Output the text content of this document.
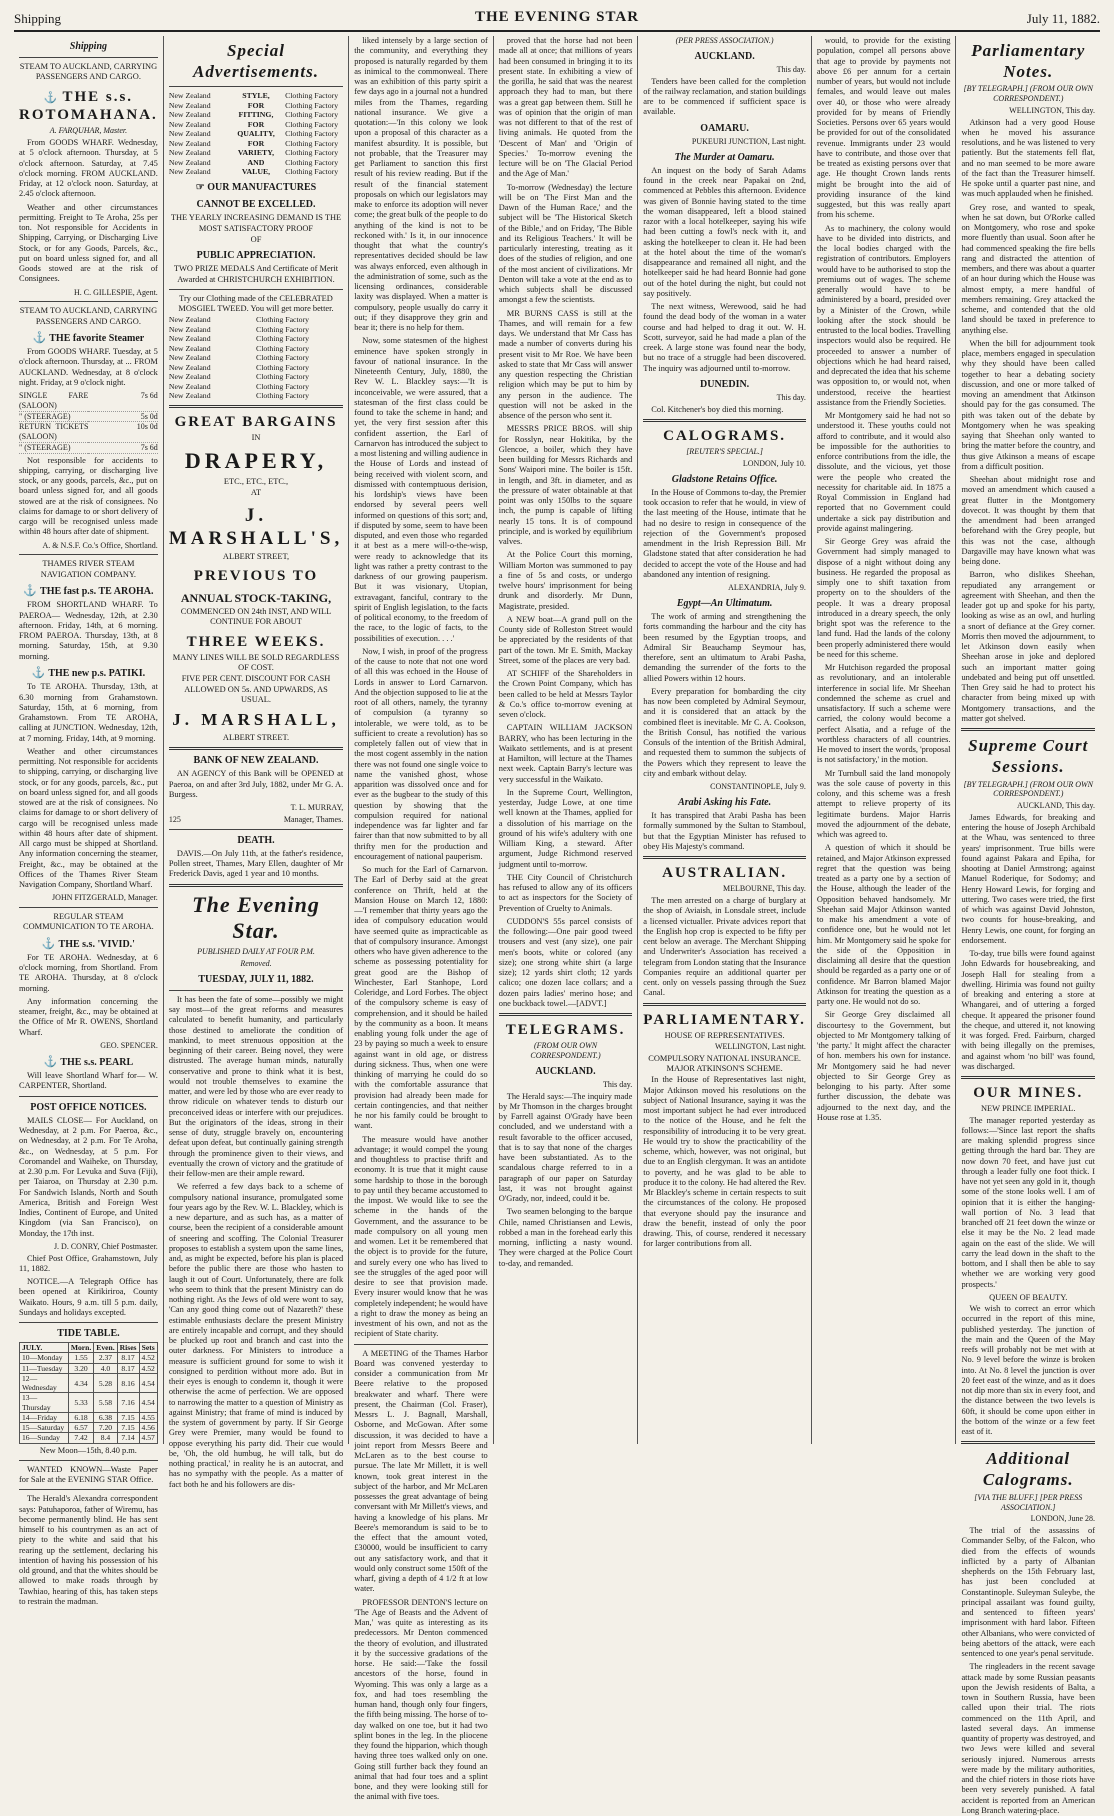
Shipping	THE EVENING STAR	July 11, 1882.
Shipping
STEAM TO AUCKLAND, CARRYING PASSENGERS AND CARGO.
⚓ THE s.s. ROTOMAHANA.
A. FARQUHAR, Master.

From GOODS WHARF. Wednesday, at 5 o'clock afternoon. Thursday, at 5 o'clock afternoon. Saturday, at 7.45 o'clock morning. FROM AUCKLAND. Friday, at 12 o'clock noon. Saturday, at 2.45 o'clock afternoon.

Weather and other circumstances permitting. Freight to Te Aroha, 25s per ton. Not responsible for Accidents in Shipping, Carrying, or Discharging Live Stock, or for any Goods, Parcels, &c., put on board unless signed for, and all Goods stowed are at the risk of Consignees.

H. C. GILLESPIE, Agent.
STEAM TO AUCKLAND, CARRYING PASSENGERS AND CARGO.
⚓ THE favorite Steamer

From GOODS WHARF. Tuesday, at 5 o'clock afternoon. Thursday, at ... FROM AUCKLAND. Wednesday, at 8 o'clock night. Friday, at 9 o'clock night.

SINGLE FARE (SALOON)
7s 6d
" (STEERAGE)	5s 0d
RETURN TICKETS (SALOON)
10s 0d
" (STEERAGE)	7s 6d

Not responsible for accidents to shipping, carrying, or discharging live stock, or any goods, parcels, &c., put on board unless signed for, and all goods stowed are at the risk of consignees. No claims for damage to or short delivery of cargo will be recognised unless made within 48 hours after date of shipment.

A. & N.S.F. Co.'s Office, Shortland.
THAMES RIVER STEAM NAVIGATION COMPANY.
⚓ THE fast p.s. TE AROHA.

FROM SHORTLAND WHARF. To PAEROA— Wednesday, 12th, at 2.30 afternoon. Friday, 14th, at 6 morning. FROM PAEROA. Thursday, 13th, at 8 morning. Saturday, 15th, at 9.30 morning.

⚓ THE new p.s. PATIKI.

To TE AROHA. Thursday, 13th, at 6.30 morning from Grahamstown. Saturday, 15th, at 6 morning, from Grahamstown. From TE AROHA, calling at JUNCTION. Wednesday, 12th, at 7 morning. Friday, 14th, at 9 morning.

Weather and other circumstances permitting. Not responsible for accidents to shipping, carrying, or discharging live stock, or for any goods, parcels, &c., put on board unless signed for, and all goods stowed are at the risk of consignees. No claims for damage to or short delivery of cargo will be recognised unless made within 48 hours after date of shipment. All cargo must be shipped at Shortland. Any information concerning the steamer, Freight, &c., may be obtained at the Offices of the Thames River Steam Navigation Company, Shortland Wharf.

JOHN FITZGERALD, Manager.
REGULAR STEAM COMMUNICATION TO TE AROHA.
⚓ THE s.s. 'VIVID.'

For TE AROHA. Wednesday, at 6 o'clock morning, from Shortland. From TE AROHA. Thursday, at 8 o'clock morning.

Any information concerning the steamer, freight, &c., may be obtained at the Office of Mr R. OWENS, Shortland Wharf.

GEO. SPENCER.
⚓ THE s.s. PEARL

Will leave Shortland Wharf for— W. CARPENTER, Shortland.

POST OFFICE NOTICES.

MAILS CLOSE— For Auckland, on Wednesday, at 2 p.m. For Paeroa, &c., on Wednesday, at 2 p.m. For Te Aroha, &c., on Wednesday, at 5 p.m. For Coromandel and Waiheke, on Thursday, at 2.30 p.m. For Levuka and Suva (Fiji), per Taiaroa, on Thursday at 2.30 p.m. For Sandwich Islands, North and South America, British and Foreign West Indies, Continent of Europe, and United Kingdom (via San Francisco), on Monday, the 17th inst.

J. D. CONRY, Chief Postmaster.

Chief Post Office, Grahamstown, July 11, 1882.

NOTICE.—A Telegraph Office has been opened at Kirikiriroa, County Waikato. Hours, 9 a.m. till 5 p.m. daily, Sundays and holidays excepted.

TIDE TABLE.
JULY.	Morn.	Even.	Rises	Sets
10—Monday	1.55	2.37	8.17	4.52
11—Tuesday	3.20	4.0	8.17	4.52
12—Wednesday	4.34	5.28	8.16	4.54
13—Thursday	5.33	5.58	7.16	4.54
14—Friday	6.18	6.38	7.15	4.55
15—Saturday	6.57	7.20	7.15	4.56
16—Sunday	7.42	8.4	7.14	4.57
New Moon—15th, 8.40 p.m.

WANTED KNOWN—Waste Paper for Sale at the EVENING STAR Office.

The Herald's Alexandra correspondent says: Patuhaporoa, father of Wiremu, has become permanently blind. He has sent himself to his countrymen as an act of piety to the white and said that his rearing up the settlement, declaring his intention of having his possession of his old ground, and that the whites should be allowed to make roads through by Tawhiao, hearing of this, has taken steps to restrain the madman.

Special Advertisements.
New Zealand	STYLE,	Clothing Factory
New Zealand	FOR	Clothing Factory
New Zealand	FITTING,	Clothing Factory
New Zealand	FOR	Clothing Factory
New Zealand	QUALITY,	Clothing Factory
New Zealand	FOR	Clothing Factory
New Zealand	VARIETY,	Clothing Factory
New Zealand	AND	Clothing Factory
New Zealand	VALUE,	Clothing Factory
☞ OUR MANUFACTURES
CANNOT BE EXCELLED.
THE YEARLY INCREASING DEMAND IS THE MOST SATISFACTORY PROOF
OF
PUBLIC APPRECIATION.
TWO PRIZE MEDALS And Certificate of Merit Awarded at CHRISTCHURCH EXHIBITION.
Try our Clothing made of the CELEBRATED MOSGIEL TWEED. You will get more better.
New Zealand	Clothing Factory
New Zealand	Clothing Factory
New Zealand	Clothing Factory
New Zealand	Clothing Factory
New Zealand	Clothing Factory
New Zealand	Clothing Factory
New Zealand	Clothing Factory
New Zealand	Clothing Factory
New Zealand	Clothing Factory
GREAT BARGAINS
IN
DRAPERY,
ETC., ETC., ETC.,
AT
J. MARSHALL'S,
ALBERT STREET,
PREVIOUS TO
ANNUAL STOCK-TAKING,
COMMENCED ON 24th INST, AND WILL CONTINUE FOR ABOUT
THREE WEEKS.
MANY LINES WILL BE SOLD REGARDLESS OF COST.
FIVE PER CENT. DISCOUNT FOR CASH ALLOWED ON 5s. AND UPWARDS, AS USUAL.
J. MARSHALL,
ALBERT STREET.
BANK OF NEW ZEALAND.

AN AGENCY of this Bank will be OPENED at Paeroa, on and after 3rd July, 1882, under Mr G. A. Burgess.

T. L. MURRAY,
125	Manager, Thames.
DEATH.

DAVIS.—On July 11th, at the father's residence, Pollen street, Thames, Mary Ellen, daughter of Mr Frederick Davis, aged 1 year and 10 months.

The Evening Star.
PUBLISHED DAILY AT FOUR P.M.
Removed.
TUESDAY, JULY 11, 1882.

It has been the fate of some—possibly we might say most—of the great reforms and measures calculated to benefit humanity, and particularly those destined to ameliorate the condition of mankind, to meet strenuous opposition at the beginning of their career. Being novel, they were distrusted. The average human minds, naturally conservative and prone to think what it is best, would not trouble themselves to examine the matter, and were led by those who are ever ready to throw ridicule on whatever tends to disturb our preconceived ideas or interfere with our prejudices. But the originators of the ideas, strong in their sense of duty, struggle bravely on, encountering defeat upon defeat, but continually gaining strength through the prominence given to their views, and eventually the crown of victory and the gratitude of their fellow-men are their ample reward.

We referred a few days back to a scheme of compulsory national insurance, promulgated some four years ago by the Rev. W. L. Blackley, which is a new departure, and as such has, as a matter of course, been the recipient of a considerable amount of sneering and scoffing. The Colonial Treasurer proposes to establish a system upon the same lines, and, as might be expected, before his plan is placed before the public there are those who hasten to laugh it out of Court. Unfortunately, there are folk who seem to think that the present Ministry can do nothing right. As the Jews of old were wont to say, 'Can any good thing come out of Nazareth?' these estimable enthusiasts declare the present Ministry are entirely incapable and corrupt, and they should be plucked up root and branch and cast into the outer darkness. For Ministers to introduce a measure is sufficient ground for some to wish it consigned to perdition without more ado. But in their eyes is enough to condemn it, though it were otherwise the acme of perfection. We are opposed to narrowing the matter to a question of Ministry as against Ministry; that frame of mind is induced by the system of government by party. If Sir George Grey were Premier, many would be found to oppose everything his party did. Their cue would be, 'Oh, the old humbug, he will talk, but do nothing practical,' in reality he is an autocrat, and has no sympathy with the people. As a matter of fact both he and his followers are dis-

liked intensely by a large section of the community, and everything they proposed is naturally regarded by them as inimical to the commonweal. There was an exhibition of this party spirit a few days ago in a journal not a hundred miles from the Thames, regarding national insurance. We give a quotation:—'In this colony we look upon a proposal of this character as a manifest absurdity. It is possible, but not probable, that the Treasurer may get Parliament to sanction this first result of his review reading. But if the result of the financial statement proposals on which our legislators may make to enforce its adoption will never come; the great bulk of the people to do anything of the kind is not to be reckoned with.' Is it, in our innocence thought that what the country's representatives decided should be law was always enforced, even although in the administration of some, such as the licensing ordinances, considerable laxity was displayed. When a matter is compulsory, people usually do carry it out; if they disapprove they grin and bear it; there is no help for them.

Now, some statesmen of the highest eminence have spoken strongly in favour of national insurance. In the Nineteenth Century, July, 1880, the Rev W. L. Blackley says:—'It is inconceivable, we were assured, that a statesman of the first class could be found to take the scheme in hand; and yet, the very first session after this confident assertion, the Earl of Carnarvon has introduced the subject to a most listening and willing audience in the House of Lords and instead of being received with violent scorn, and dismissed with contemptuous derision, his lordship's views have been endorsed by several peers well informed on questions of this sort; and, if disputed by some, seem to have been disputed, and even those who regarded it at best as a mere will-o-the-wisp, were ready to acknowledge that its light was rather a pretty contrast to the darkness of our growing pauperism. But it was visionary, Utopian, extravagant, fanciful, contrary to the spirit of English legislation, to the facts of political economy, to the freedom of the race, to the logic of facts, to the possibilities of execution. . . .'

Now, I wish, in proof of the progress of the cause to note that not one word of all this was echoed in the House of Lords in answer to Lord Carnarvon. And the objection supposed to lie at the root of all others, namely, the tyranny of compulsion (a tyranny so intolerable, we were told, as to be sufficient to create a revolution) has so completely fallen out of view that in the most cogent assembly in the nation there was not found one single voice to name the vanished ghost, whose apparition was dissolved once and for ever as the bugbear to the study of this question by showing that the compulsion required for national independence was far lighter and far fairer than that now submitted to by all thrifty men for the production and encouragement of national pauperism.

So much for the Earl of Carnarvon. The Earl of Derby said at the great conference on Thrift, held at the Mansion House on March 12, 1880:—'I remember that thirty years ago the idea of compulsory education would have seemed quite as impracticable as that of compulsory insurance. Amongst others who have given adherence to the scheme as possessing potentiality for great good are the Bishop of Winchester, Earl Stanhope, Lord Coleridge, and Lord Forbes. The object of the compulsory scheme is easy of comprehension, and it should be hailed by the community as a boon. It means enabling young folk under the age of 23 by paying so much a week to ensure against want in old age, or distress during sickness. Thus, when one were thinking of marrying he could do so with the comfortable assurance that provision had already been made for certain contingencies, and that neither he nor his family could be brought to want.

The measure would have another advantage; it would compel the young and thoughtless to practise thrift and economy. It is true that it might cause some hardship to those in the borough to pay until they became accustomed to the impost. We would like to see the scheme in the hands of the Government, and the assurance to be made compulsory on all young men and women. Let it be remembered that the object is to provide for the future, and surely every one who has lived to see the struggles of the aged poor will desire to see that provision made. Every insurer would know that he was completely independent; he would have a right to draw the money as being an investment of his own, and not as the recipient of State charity.

A MEETING of the Thames Harbor Board was convened yesterday to consider a communication from Mr Beere relative to the proposed breakwater and wharf. There were present, the Chairman (Col. Fraser), Messrs L. J. Bagnall, Marshall, Osborne, and McGowan. After some discussion, it was decided to have a joint report from Messrs Beere and McLaren as to the best course to pursue. The late Mr Millett, it is well known, took great interest in the subject of the harbor, and Mr McLaren possesses the great advantage of being conversant with Mr Millett's views, and having a knowledge of his plans. Mr Beere's memorandum is said to be to the effect that the amount voted, £30000, would be insufficient to carry out any satisfactory work, and that it would only construct some 150ft of the wharf, giving a depth of 4 1/2 ft at low water.

PROFESSOR DENTON'S lecture on 'The Age of Beasts and the Advent of Man,' was quite as interesting as its predecessors. Mr Denton commenced the theory of evolution, and illustrated it by the successive gradations of the horse. He said:—'Take the fossil ancestors of the horse, found in Wyoming. This was only a large as a fox, and had toes resembling the human hand, though only four fingers, the fifth being missing. The horse of to-day walked on one toe, but it had two splint bones in the leg. In the pliocene they found the hipparion, which though having three toes walked only on one. Going still further back they found an animal that had four toes and a splint bone, and they were looking still for the animal with five toes.

proved that the horse had not been made all at once; that millions of years had been consumed in bringing it to its present state. In exhibiting a view of the gorilla, he said that was the nearest approach they had to man, but there was a great gap between them. Still he was of opinion that the origin of man was not different to that of the rest of living animals. He quoted from the 'Descent of Man' and 'Origin of Species.' To-morrow evening the lecture will be on 'The Glacial Period and the Age of Man.'

To-morrow (Wednesday) the lecture will be on 'The First Man and the Dawn of the Human Race,' and the subject will be 'The Historical Sketch of the Bible,' and on Friday, 'The Bible and its Religious Teachers.' It will be particularly interesting, treating as it does of the studies of religion, and one of the most ancient of civilizations. Mr Denton will take a vote at the end as to which subjects shall be discussed amongst a few the scientists.

MR BURNS CASS is still at the Thames, and will remain for a few days. We understand that Mr Cass has made a number of converts during his present visit to Mr Roe. We have been asked to state that Mr Cass will answer any question respecting the Christian religion which may be put to him by any person in the audience. The question will not be asked in the absence of the person who sent it.

MESSRS PRICE BROS. will ship for Rosslyn, near Hokitika, by the Glencoe, a boiler, which they have been building for Messrs Richards and Sons' Waipori mine. The boiler is 15ft. in length, and 3ft. in diameter, and as the pressure of water obtainable at that point was only 150lbs to the square inch, the pump is capable of lifting nearly 15 tons. It is of compound principle, and is worked by equilibrium valves.

At the Police Court this morning, William Morton was summoned to pay a fine of 5s and costs, or undergo twelve hours' imprisonment for being drunk and disorderly. Mr Dunn, Magistrate, presided.

A NEW boat—A grand pull on the County side of Rolleston Street would be appreciated by the residents of that part of the town. Mr E. Smith, Mackay Street, some of the places are very bad.

AT SCHIFF of the Shareholders in the Crown Point Company, which has been called to be held at Messrs Taylor & Co.'s office to-morrow evening at seven o'clock.

CAPTAIN WILLIAM JACKSON BARRY, who has been lecturing in the Waikato settlements, and is at present at Hamilton, will lecture at the Thames next week. Captain Barry's lecture was very successful in the Waikato.

In the Supreme Court, Wellington, yesterday, Judge Lowe, at one time well known at the Thames, applied for a dissolution of his marriage on the ground of his wife's adultery with one William King, a steward. After argument, Judge Richmond reserved judgment until to-morrow.

THE City Council of Christchurch has refused to allow any of its officers to act as inspectors for the Society of Prevention of Cruelty to Animals.

CUDDON'S 55s parcel consists of the following:—One pair good tweed trousers and vest (any size), one pair men's boots, white or colored (any size); one strong white shirt (a large size); 12 yards shirt cloth; 12 yards calico; one dozen lace collars; and a dozen pairs ladies' merino hose; and one buckback towel.—[ADVT.]

TELEGRAMS.
(FROM OUR OWN CORRESPONDENT.)
AUCKLAND.
This day.

The Herald says:—The inquiry made by Mr Thomson in the charges brought by Farrell against O'Grady have been concluded, and we understand with a result favorable to the officer accused, that is to say that none of the charges have been substantiated. As to the scandalous charge referred to in a paragraph of our paper on Saturday last, it was not brought against O'Grady, nor, indeed, could it be.

Two seamen belonging to the barque Chile, named Christiansen and Lewis, robbed a man in the forehead early this morning, inflicting a nasty wound. They were charged at the Police Court to-day, and remanded.

(PER PRESS ASSOCIATION.)
AUCKLAND.
This day.

Tenders have been called for the completion of the railway reclamation, and station buildings are to be commenced if sufficient space is available.

OAMARU.
PUKEURI JUNCTION, Last night.
The Murder at Oamaru.

An inquest on the body of Sarah Adams found in the creek near Papakai on 2nd, commenced at Pebbles this afternoon. Evidence was given of Bonnie having stated to the time the woman disappeared, left a blood stained razor with a local hotelkeeper, saying his wife had been cutting a fowl's neck with it, and asking the hotelkeeper to clean it. He had been at the hotel about the time of the woman's disappearance and remained all night, and the hotelkeeper said he had heard Bonnie had gone out of the hotel during the night, but could not say positively.

The next witness, Werewood, said he had found the dead body of the woman in a water course and had helped to drag it out. W. H. Scott, surveyor, said he had made a plan of the creek. A large stone was found near the body, but no trace of a struggle had been discovered. The inquiry was adjourned until to-morrow.

DUNEDIN.
This day.

Col. Kitchener's boy died this morning.

CALOGRAMS.
[REUTER'S SPECIAL.]
LONDON, July 10.
Gladstone Retains Office.

In the House of Commons to-day, the Premier took occasion to refer that he would, in view of the last meeting of the House, intimate that he had no desire to resign in consequence of the rejection of the Government's proposed amendment in the Irish Repression Bill. Mr Gladstone stated that after consideration he had decided to accept the vote of the House and had abandoned any intention of resigning.

ALEXANDRIA, July 9.
Egypt—An Ultimatum.

The work of arming and strengthening the forts commanding the harbour and the city has been resumed by the Egyptian troops, and Admiral Sir Beauchamp Seymour has, therefore, sent an ultimatum to Arabi Pasha, demanding the surrender of the forts to the allied Powers within 12 hours.

Every preparation for bombarding the city has now been completed by Admiral Seymour, and it is considered that an attack by the combined fleet is inevitable. Mr C. A. Cookson, the British Consul, has notified the various Consuls of the intention of the British Admiral, and requested them to summon the subjects of the Powers which they represent to leave the city and embark without delay.

CONSTANTINOPLE, July 9.
Arabi Asking his Fate.

It has transpired that Arabi Pasha has been formally summoned by the Sultan to Stamboul, but that the Egyptian Minister has refused to obey His Majesty's command.

AUSTRALIAN.
MELBOURNE, This day.

The men arrested on a charge of burglary at the shop of Aviaish, in Lonsdale street, include a licensed victualler. Private advices report that the English hop crop is expected to be fifty per cent below an average. The Merchant Shipping and Underwriter's Association has received a telegram from London stating that the Insurance Companies require an additional quarter per cent. only on vessels passing through the Suez Canal.

PARLIAMENTARY.
HOUSE OF REPRESENTATIVES.
WELLINGTON, Last night.
COMPULSORY NATIONAL INSURANCE. MAJOR ATKINSON'S SCHEME.

In the House of Representatives last night, Major Atkinson moved his resolutions on the subject of National Insurance, saying it was the most important subject he had ever introduced to the notice of the House, and he felt the responsibility of introducing it to be very great. He would try to show the practicability of the scheme, which, however, was not original, but due to an English clergyman. It was an antidote to poverty, and he was glad to be able to produce it to the colony. He had altered the Rev. Mr Blackley's scheme in certain respects to suit the circumstances of the colony. He proposed that everyone should pay the insurance and draw the benefit, instead of only the poor drawing. This, of course, rendered it necessary for larger contributions from all.

would, to provide for the existing population, compel all persons above that age to provide by payments not above £6 per annum for a certain number of years, but would not include females, and would leave out males over 40, or those who were already provided for by means of Friendly Societies. Persons over 65 years would be provided for out of the consolidated revenue. Immigrants under 23 would have to contribute, and those over that be treated as existing persons over that age. He thought Crown lands rents might be brought into the aid of providing insurance of the kind suggested, but this was really apart from his scheme.

As to machinery, the colony would have to be divided into districts, and the local bodies charged with the registration of contributors. Employers would have to be authorised to stop the premiums out of wages. The scheme generally would have to be administered by a board, presided over by a Minister of the Crown, while looking after the stock should be entrusted to the local bodies. Travelling inspectors would also be required. He proceeded to answer a number of objections which he had heard raised, and deprecated the idea that his scheme was opposition to, or would not, when understood, receive the heartiest assistance from the Friendly Societies.

Mr Montgomery said he had not so understood it. These youths could not afford to contribute, and it would also be impossible for the authorities to enforce contributions from the idle, the dissolute, and the vicious, yet those were the people who created the necessity for charitable aid. In 1875 a Royal Commission in England had reported that no Government could undertake a sick pay distribution and provide against malingering.

Sir George Grey was afraid the Government had simply managed to dispose of a night without doing any business. He regarded the proposal as simply one to shift taxation from property on to the shoulders of the people. It was a dreary proposal introduced in a dreary speech, the only bright spot was the reference to the land fund. Had the lands of the colony been properly administered there would be need for this scheme.

Mr Hutchison regarded the proposal as revolutionary, and an intolerable interference in social life. Mr Sheehan condemned the scheme as cruel and unsatisfactory. If such a scheme were carried, the colony would become a perfect Alsatia, and a refuge of the worthless characters of all countries. He moved to insert the words, 'proposal is not satisfactory,' in the motion.

Mr Turnbull said the land monopoly was the sole cause of poverty in this colony, and this scheme was a fresh attempt to relieve property of its legitimate burdens. Major Harris moved the adjournment of the debate, which was agreed to.

A question of which it should be retained, and Major Atkinson expressed regret that the question was being treated as a party one by a section of the House, although the leader of the Opposition behaved handsomely. Mr Sheehan said Major Atkinson wanted to make his amendment a vote of confidence one, but he would not let him. Mr Montgomery said he spoke for the side of the Opposition in disclaiming all desire that the question should be regarded as a party one or of confidence. Mr Barron blamed Major Atkinson for treating the question as a party one. He would not do so.

Sir George Grey disclaimed all discourtesy to the Government, but objected to Mr Montgomery talking of 'the party.' It might affect the character of hon. members his own for instance. Mr Montgomery said he had never objected to Sir George Grey as belonging to his party. After some further discussion, the debate was adjourned to the next day, and the House rose at 1.35.

Parliamentary Notes.
[BY TELEGRAPH.] (FROM OUR OWN CORRESPONDENT.)
WELLINGTON, This day.

Atkinson had a very good House when he moved his assurance resolutions, and he was listened to very patiently. But the statements fell flat, and no man seemed to be more aware of the fact than the Treasurer himself. He spoke until a quarter past nine, and was much applauded when he finished.

Grey rose, and wanted to speak, when he sat down, but O'Rorke called on Montgomery, who rose and spoke more fluently than usual. Soon after he had commenced speaking the fire bells rang and distracted the attention of members, and there was about a quarter of an hour during which the House was almost empty, a mere handful of members remaining. Grey attacked the scheme, and contended that the old land should be taxed in preference to anything else.

When the bill for adjournment took place, members engaged in speculation why they should have been called together to hear a debating society discussion, and one or more talked of moving an amendment that Atkinson should pay for the gas consumed. The pith was taken out of the debate by Montgomery when he was speaking saying that Sheehan only wanted to bring the matter before the country, and thus give Atkinson a means of escape from a difficult position.

Sheehan about midnight rose and moved an amendment which caused a great flutter in the Montgomery dovecot. It was thought by them that the amendment had been arranged beforehand with the Grey people, but this was not the case, although Dargaville may have known what was being done.

Barron, who dislikes Sheehan, repudiated any arrangement or agreement with Sheehan, and then the leader got up and spoke for his party, looking as wise as an owl, and hurling a snort of defiance at the Grey corner. Morris then moved the adjournment, to let Atkinson down easily when Sheehan arose in joke and deplored such an important matter going undebated and being put off unsettled. Then Grey said he had to protect his character from being mixed up with Montgomery transactions, and the matter got shelved.

Supreme Court Sessions.
[BY TELEGRAPH.] (FROM OUR OWN CORRESPONDENT.)
AUCKLAND, This day.

James Edwards, for breaking and entering the house of Joseph Archibald at the Whau, was sentenced to three years' imprisonment. True bills were found against Pakara and Epiha, for shooting at Daniel Armstrong; against Manuel Roderique, for Sodomy; and Henry Howard Lewis, for forging and uttering. Two cases were tried, the first of which was against David Johnston, two counts for house-breaking, and Henry Lewis, one count, for forging an endorsement.

To-day, true bills were found against John Edwards for housebreaking, and Joseph Hall for stealing from a dwelling. Hirimia was found not guilty of breaking and entering a store at Whangarei, and of uttering a forged cheque. It appeared the prisoner found the cheque, and uttered it, not knowing it was forged. Fred. Fairburn, charged with being illegally on the premises, and against whom 'no bill' was found, was discharged.

OUR MINES.
NEW PRINCE IMPERIAL.

The manager reported yesterday as follows:—'Since last report the shafts are making splendid progress since getting through the hard bar. They are now down 70 feet, and have just cut through a leader fully one foot thick. I have not yet seen any gold in it, though some of the stone looks well. I am of opinion that it is either the hanging-wall portion of No. 3 lead that branched off 21 feet down the winze or else it may be the No. 2 lead made again on the east of the slide. We will carry the lead down in the shaft to the bottom, and I shall then be able to say whether we are working very good prospects.'

QUEEN OF BEAUTY.

We wish to correct an error which occurred in the report of this mine, published yesterday. The junction of the main and the Queen of the May reefs will probably not be met with at No. 9 level before the winze is broken into. At No. 8 level the junction is over 20 feet east of the winze, and as it does not dip more than six in every foot, and the distance between the two levels is 60ft, it should be come upon either in the bottom of the winze or a few feet east of it.

Additional Calograms.
[VIA THE BLUFF.] [PER PRESS ASSOCIATION.]
LONDON, June 28.

The trial of the assassins of Commander Selby, of the Falcon, who died from the effects of wounds inflicted by a party of Albanian shepherds on the 15th February last, has just been concluded at Constantinople. Suleyman Suleybe, the principal assailant was found guilty, and sentenced to fifteen years' imprisonment with hard labor. Fifteen other Albanians, who were convicted of being abettors of the attack, were each sentenced to one year's penal servitude.

The ringleaders in the recent savage attack made by some Russian peasants upon the Jewish residents of Balta, a town in Southern Russia, have been called upon their trial. The riots commenced on the 11th April, and lasted several days. An immense quantity of property was destroyed, and two Jews were killed and several seriously injured. Numerous arrests were made by the military authorities, and the chief rioters in those riots have been very severely punished. A fatal accident is reported from an American Long Branch watering-place.
